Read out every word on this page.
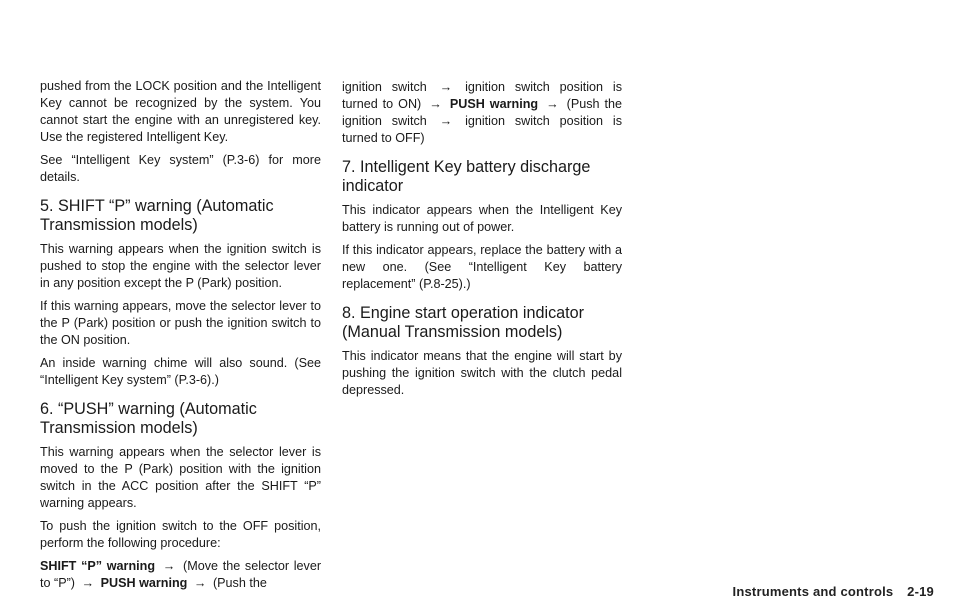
pushed from the LOCK position and the Intelligent Key cannot be recognized by the system. You cannot start the engine with an unregistered key. Use the registered Intelligent Key.

See “Intelligent Key system” (P.3-6) for more details.

5. SHIFT “P” warning (Automatic Transmission models)

This warning appears when the ignition switch is pushed to stop the engine with the selector lever in any position except the P (Park) position.

If this warning appears, move the selector lever to the P (Park) position or push the ignition switch to the ON position.

An inside warning chime will also sound. (See “Intelligent Key system” (P.3-6).)

6. “PUSH” warning (Automatic Transmission models)

This warning appears when the selector lever is moved to the P (Park) position with the ignition switch in the ACC position after the SHIFT “P” warning appears.

To push the ignition switch to the OFF position, perform the following procedure:

SHIFT “P” warning → (Move the selector lever to “P”) → PUSH warning → (Push the

ignition switch → ignition switch position is turned to ON) → PUSH warning → (Push the ignition switch → ignition switch position is turned to OFF)

7. Intelligent Key battery discharge indicator

This indicator appears when the Intelligent Key battery is running out of power.

If this indicator appears, replace the battery with a new one. (See “Intelligent Key battery replacement” (P.8-25).)

8. Engine start operation indicator (Manual Transmission models)

This indicator means that the engine will start by pushing the ignition switch with the clutch pedal depressed.

Instruments and controls 2-19
